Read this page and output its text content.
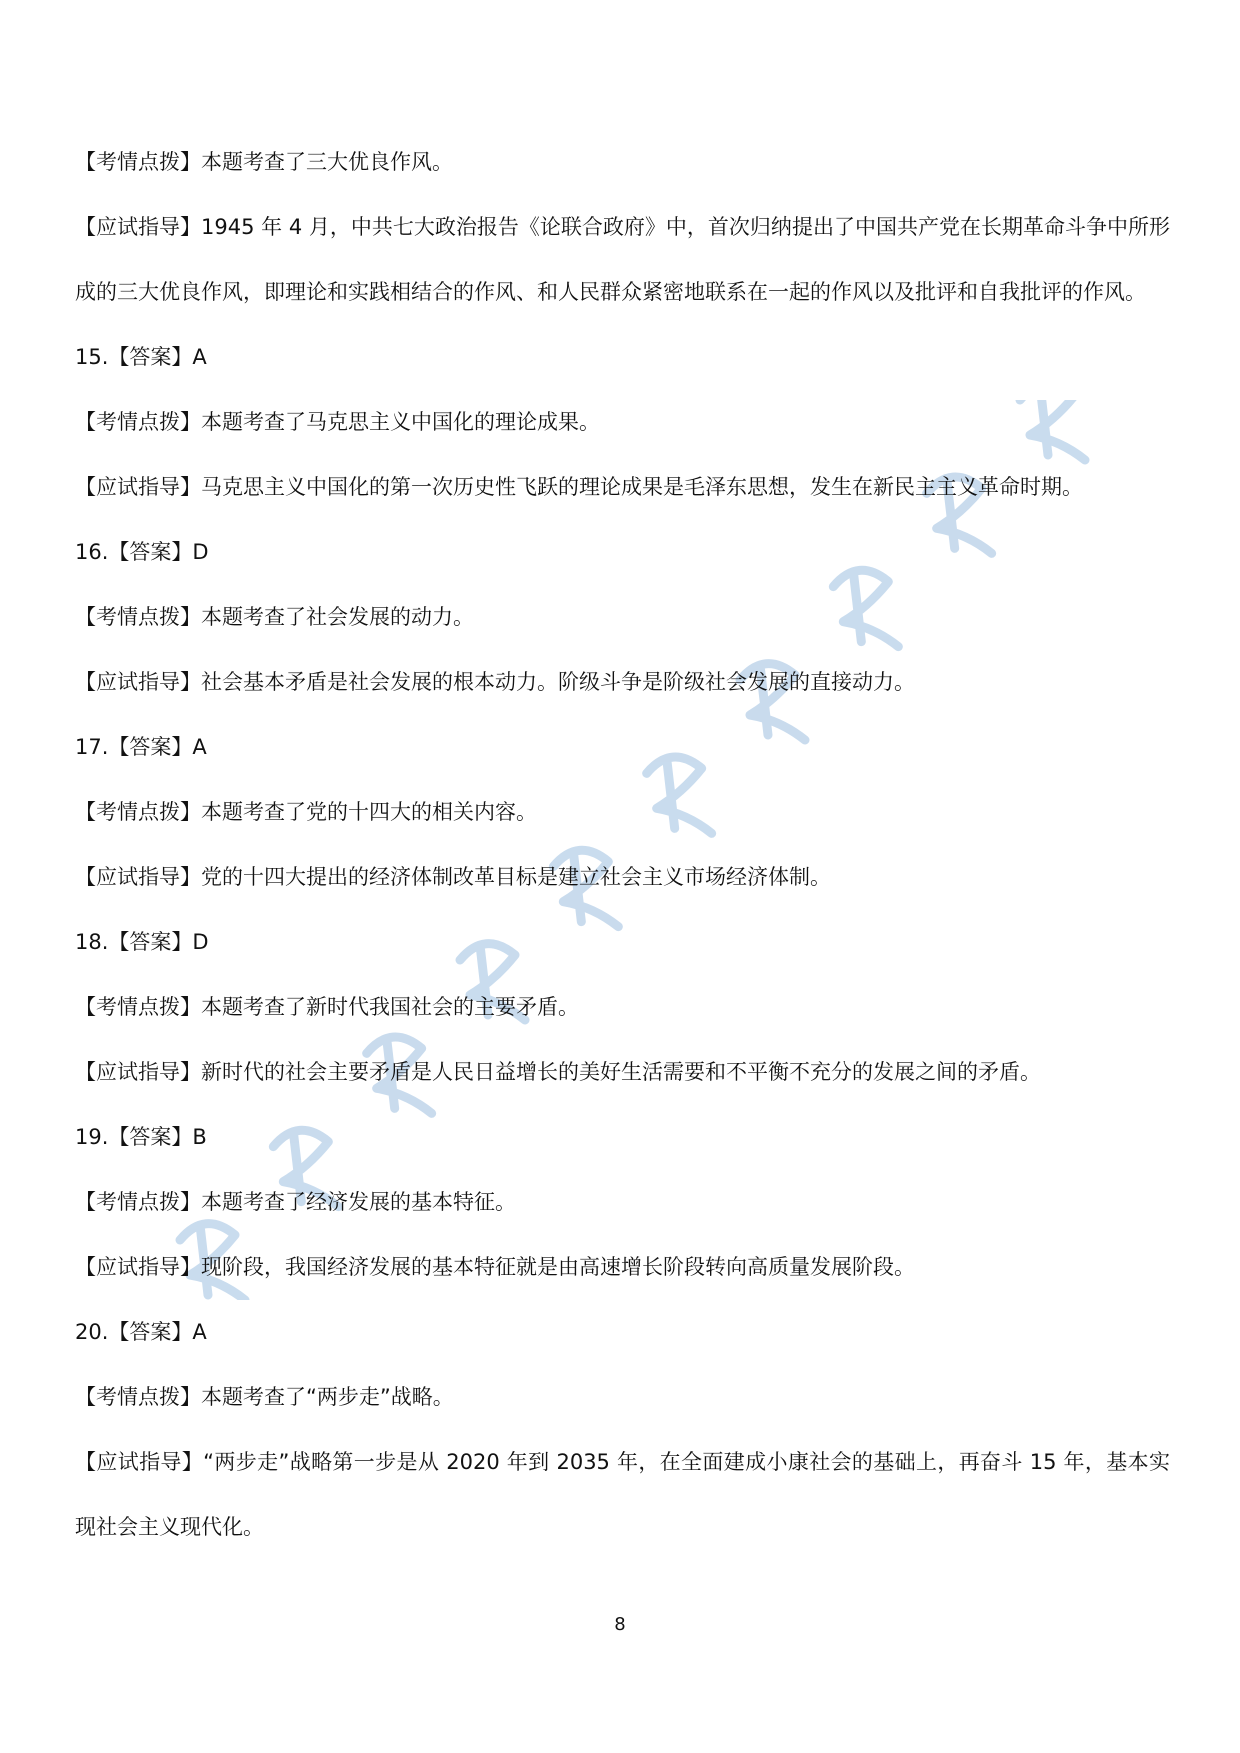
【考情点拨】本题考查了三大优良作风。
【应试指导】1945 年 4 月，中共七大政治报告《论联合政府》中，首次归纳提出了中国共产党在长期革命斗争中所形成的三大优良作风，即理论和实践相结合的作风、和人民群众紧密地联系在一起的作风以及批评和自我批评的作风。
15.【答案】A
【考情点拨】本题考查了马克思主义中国化的理论成果。
【应试指导】马克思主义中国化的第一次历史性飞跃的理论成果是毛泽东思想，发生在新民主主义革命时期。
16.【答案】D
【考情点拨】本题考查了社会发展的动力。
【应试指导】社会基本矛盾是社会发展的根本动力。阶级斗争是阶级社会发展的直接动力。
17.【答案】A
【考情点拨】本题考查了党的十四大的相关内容。
【应试指导】党的十四大提出的经济体制改革目标是建立社会主义市场经济体制。
18.【答案】D
【考情点拨】本题考查了新时代我国社会的主要矛盾。
【应试指导】新时代的社会主要矛盾是人民日益增长的美好生活需要和不平衡不充分的发展之间的矛盾。
19.【答案】B
【考情点拨】本题考查了经济发展的基本特征。
【应试指导】现阶段，我国经济发展的基本特征就是由高速增长阶段转向高质量发展阶段。
20.【答案】A
【考情点拨】本题考查了“两步走”战略。
【应试指导】“两步走”战略第一步是从 2020 年到 2035 年，在全面建成小康社会的基础上，再奋斗 15 年，基本实现社会主义现代化。
8
